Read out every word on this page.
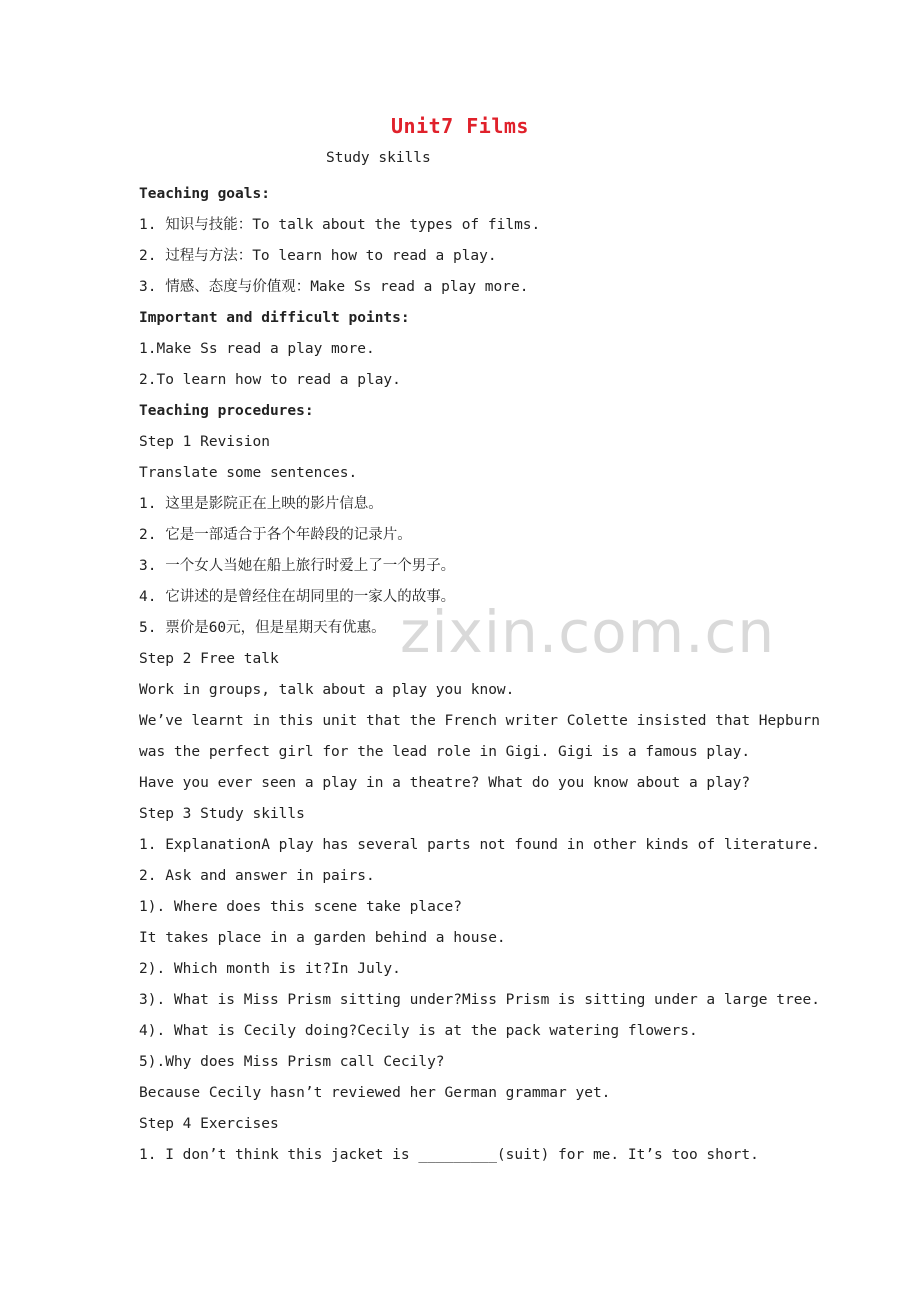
Unit7 Films
Study skills
zixin.com.cn
Teaching goals:
1. 知识与技能：To talk about the types of films.
2. 过程与方法：To learn how to read a play.
3. 情感、态度与价值观：Make Ss read a play more.
Important and difficult points:
1.Make Ss read a play more.
2.To learn how to read a play.
Teaching procedures:
Step 1 Revision
Translate some sentences.
1. 这里是影院正在上映的影片信息。
2. 它是一部适合于各个年龄段的记录片。
3. 一个女人当她在船上旅行时爱上了一个男子。
4. 它讲述的是曾经住在胡同里的一家人的故事。
5. 票价是60元，但是星期天有优惠。
Step 2 Free talk
Work in groups, talk about a play you know.
We’ve learnt in this unit that the French writer Colette insisted that Hepburn
was the perfect girl for the lead role in Gigi. Gigi is a famous play.
Have you ever seen a play in a theatre? What do you know about a play?
Step 3 Study skills
1. ExplanationA play has several parts not found in other kinds of literature.
2. Ask and answer in pairs.
1). Where does this scene take place?
It takes place in a garden behind a house.
2). Which month is it?In July.
3). What is Miss Prism sitting under?Miss Prism is sitting under a large tree.
4). What is Cecily doing?Cecily is at the pack watering flowers.
5).Why does Miss Prism call Cecily?
Because Cecily hasn’t reviewed her German grammar yet.
Step 4 Exercises
1. I don’t think this jacket is _________(suit) for me. It’s too short.
